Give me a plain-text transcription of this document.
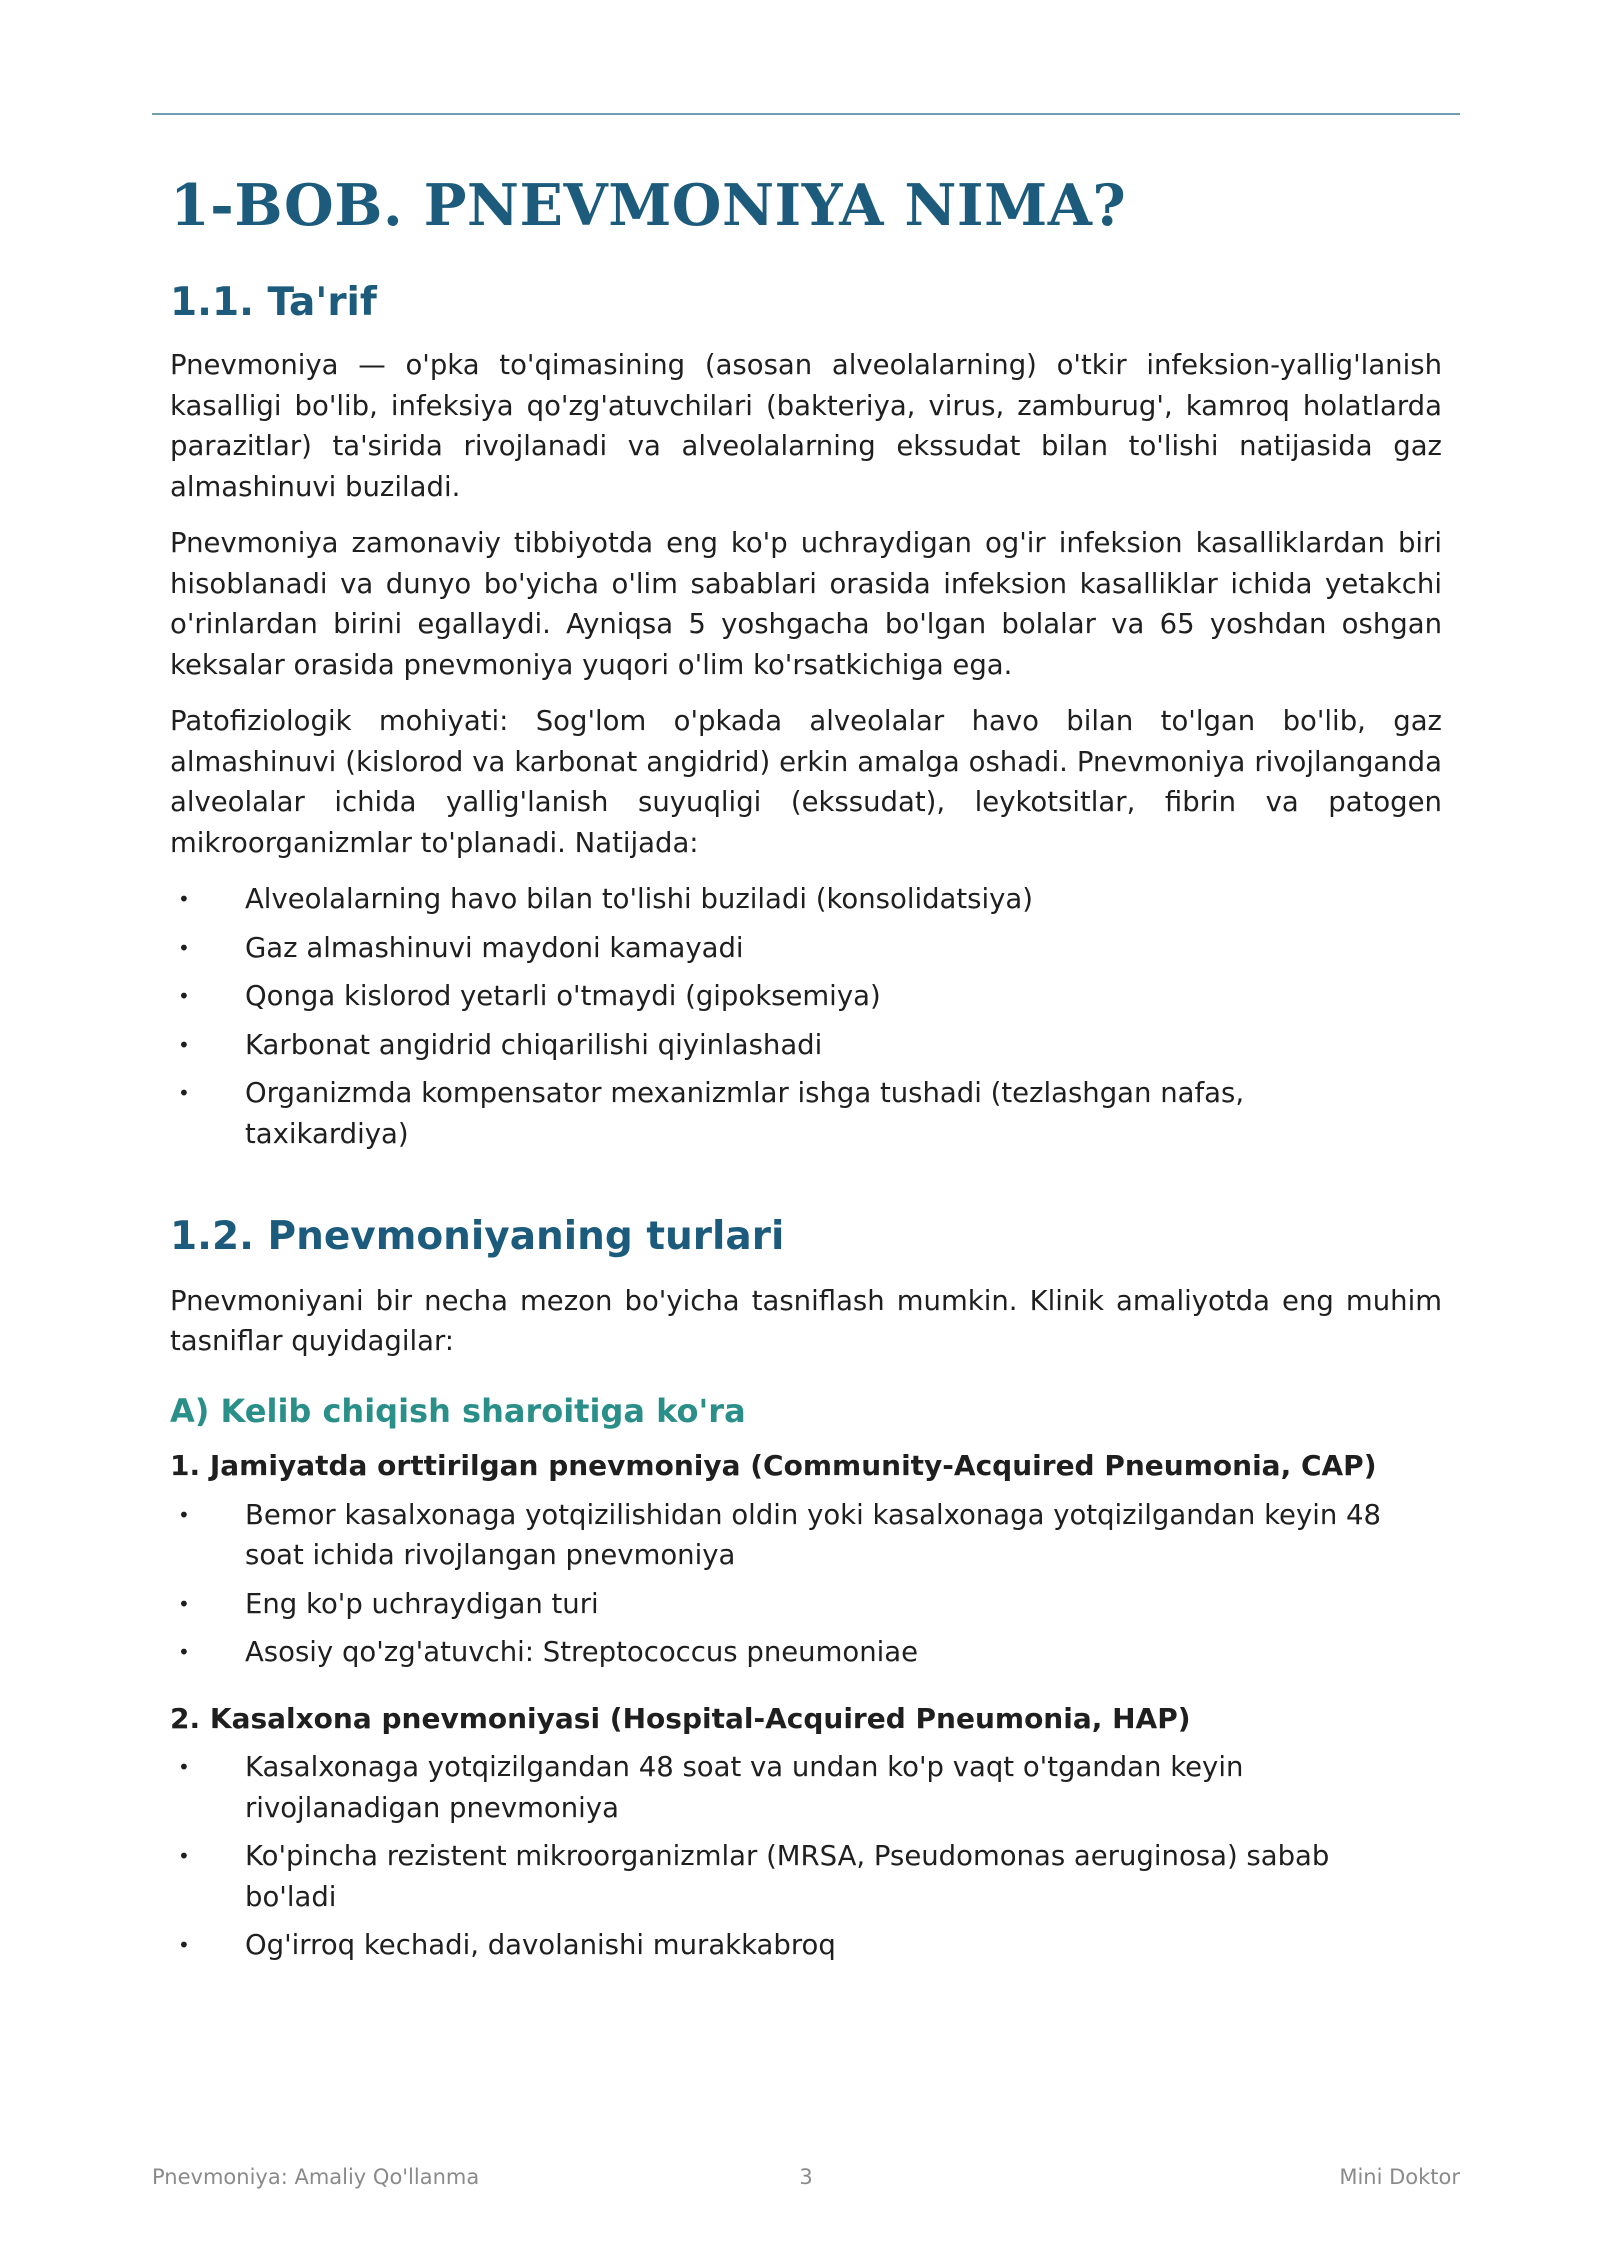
1-BOB. PNEVMONIYA NIMA?
1.1. Ta'rif

Pnevmoniya — o'pka to'qimasining (asosan alveolalarning) o'tkir infeksion-yallig'lanish kasalligi bo'lib, infeksiya qo'zg'atuvchilari (bakteriya, virus, zamburug', kamroq holatlarda parazitlar) ta'sirida rivojlanadi va alveolalarning ekssudat bilan to'lishi natijasida gaz almashinuvi buziladi.

Pnevmoniya zamonaviy tibbiyotda eng ko'p uchraydigan og'ir infeksion kasalliklardan biri hisoblanadi va dunyo bo'yicha o'lim sabablari orasida infeksion kasalliklar ichida yetakchi o'rinlardan birini egallaydi. Ayniqsa 5 yoshgacha bo'lgan bolalar va 65 yoshdan oshgan keksalar orasida pnevmoniya yuqori o'lim ko'rsatkichiga ega.

Patofiziologik mohiyati: Sog'lom o'pkada alveolalar havo bilan to'lgan bo'lib, gaz almashinuvi (kislorod va karbonat angidrid) erkin amalga oshadi. Pnevmoniya rivojlanganda alveolalar ichida yallig'lanish suyuqligi (ekssudat), leykotsitlar, fibrin va patogen mikroorganizmlar to'planadi. Natijada:

• Alveolalarning havo bilan to'lishi buziladi (konsolidatsiya)
• Gaz almashinuvi maydoni kamayadi
• Qonga kislorod yetarli o'tmaydi (gipoksemiya)
• Karbonat angidrid chiqarilishi qiyinlashadi
• Organizmda kompensator mexanizmlar ishga tushadi (tezlashgan nafas, taxikardiya)
1.2. Pnevmoniyaning turlari

Pnevmoniyani bir necha mezon bo'yicha tasniflash mumkin. Klinik amaliyotda eng muhim tasniflar quyidagilar:

A) Kelib chiqish sharoitiga ko'ra
1. Jamiyatda orttirilgan pnevmoniya (Community-Acquired Pneumonia, CAP)
• Bemor kasalxonaga yotqizilishidan oldin yoki kasalxonaga yotqizilgandan keyin 48 soat ichida rivojlangan pnevmoniya
• Eng ko'p uchraydigan turi
• Asosiy qo'zg'atuvchi: Streptococcus pneumoniae
2. Kasalxona pnevmoniyasi (Hospital-Acquired Pneumonia, HAP)
• Kasalxonaga yotqizilgandan 48 soat va undan ko'p vaqt o'tgandan keyin rivojlanadigan pnevmoniya
• Ko'pincha rezistent mikroorganizmlar (MRSA, Pseudomonas aeruginosa) sabab bo'ladi
• Og'irroq kechadi, davolanishi murakkabroq
Pnevmoniya: Amaliy Qo'llanma	3	Mini Doktor
